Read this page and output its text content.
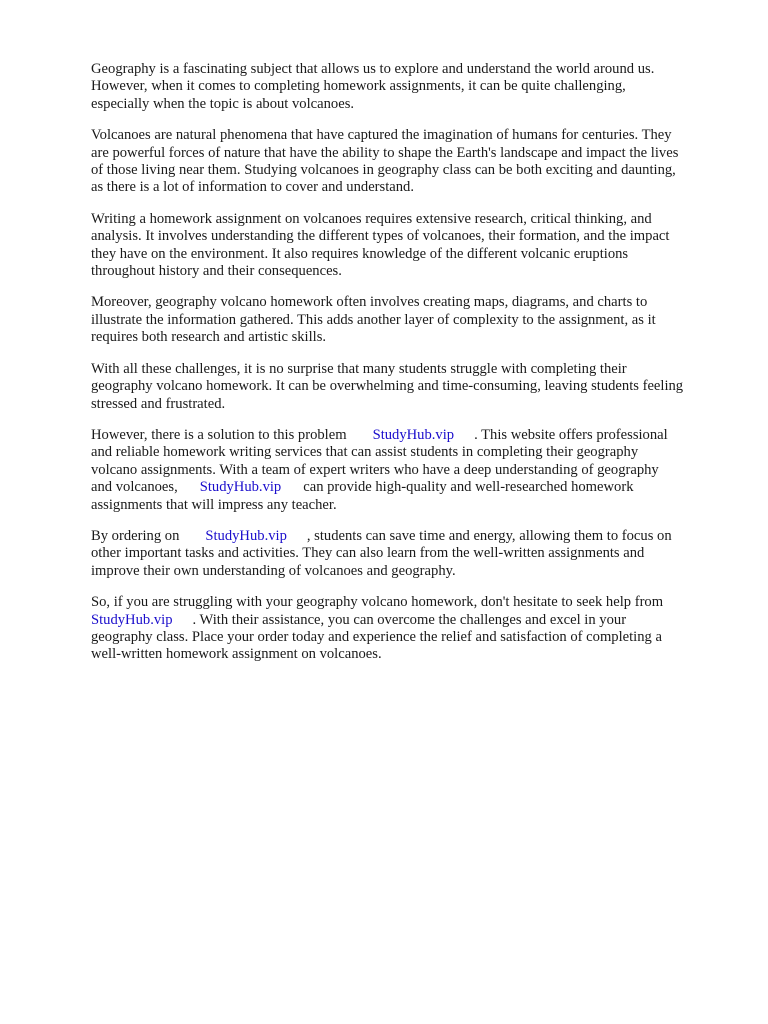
Geography is a fascinating subject that allows us to explore and understand the world around us.
However, when it comes to completing homework assignments, it can be quite challenging,
especially when the topic is about volcanoes.

Volcanoes are natural phenomena that have captured the imagination of humans for centuries. They
are powerful forces of nature that have the ability to shape the Earth's landscape and impact the lives
of those living near them. Studying volcanoes in geography class can be both exciting and daunting,
as there is a lot of information to cover and understand.

Writing a homework assignment on volcanoes requires extensive research, critical thinking, and
analysis. It involves understanding the different types of volcanoes, their formation, and the impact
they have on the environment. It also requires knowledge of the different volcanic eruptions
throughout history and their consequences.

Moreover, geography volcano homework often involves creating maps, diagrams, and charts to
illustrate the information gathered. This adds another layer of complexity to the assignment, as it
requires both research and artistic skills.

With all these challenges, it is no surprise that many students struggle with completing their
geography volcano homework. It can be overwhelming and time-consuming, leaving students feeling
stressed and frustrated.

However, there is a solution to this problem StudyHub.vip . This website offers professional
and reliable homework writing services that can assist students in completing their geography
volcano assignments. With a team of expert writers who have a deep understanding of geography
and volcanoes, StudyHub.vip can provide high-quality and well-researched homework
assignments that will impress any teacher.

By ordering on StudyHub.vip , students can save time and energy, allowing them to focus on
other important tasks and activities. They can also learn from the well-written assignments and
improve their own understanding of volcanoes and geography.

So, if you are struggling with your geography volcano homework, don't hesitate to seek help from
StudyHub.vip . With their assistance, you can overcome the challenges and excel in your
geography class. Place your order today and experience the relief and satisfaction of completing a
well-written homework assignment on volcanoes.
